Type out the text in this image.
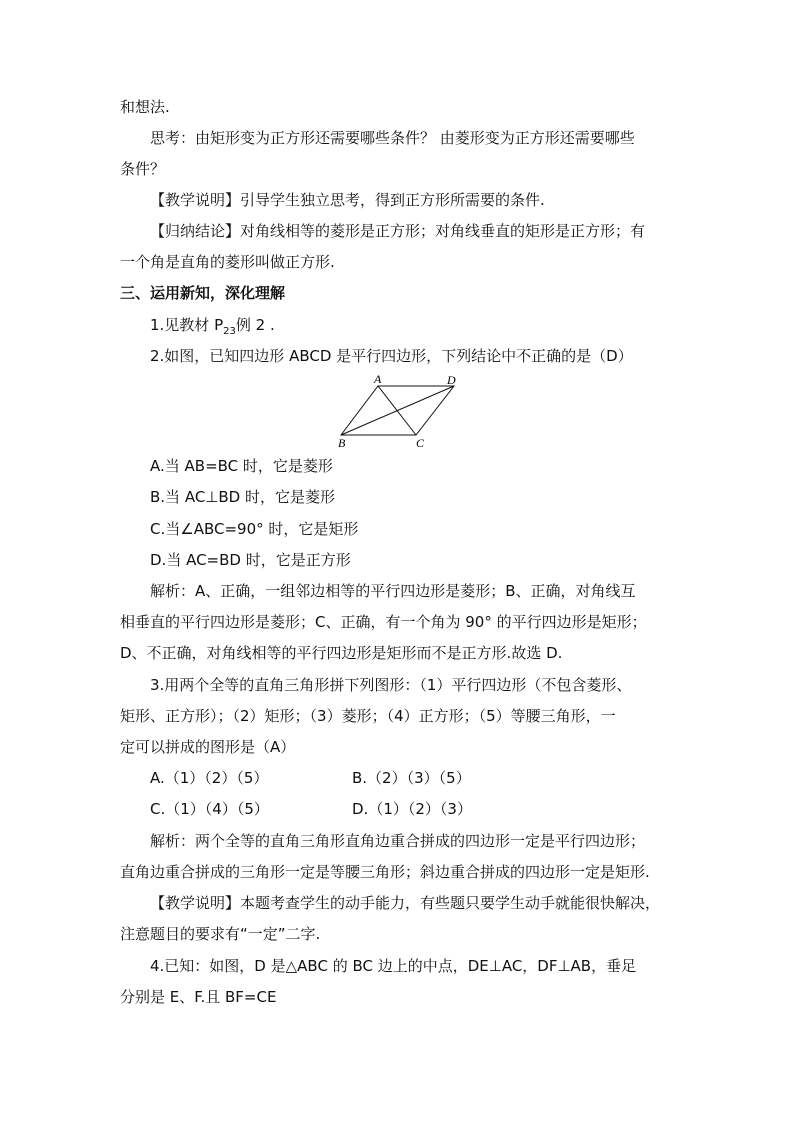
和想法.
思考：由矩形变为正方形还需要哪些条件？ 由菱形变为正方形还需要哪些
条件？
【教学说明】引导学生独立思考，得到正方形所需要的条件.
【归纳结论】对角线相等的菱形是正方形；对角线垂直的矩形是正方形；有
一个角是直角的菱形叫做正方形.
三、运用新知，深化理解
1.见教材 $P_{23}$例 2 .
2.如图，已知四边形 ABCD 是平行四边形，下列结论中不正确的是（D）
A	D
B	C
A.当 AB=BC 时，它是菱形
B.当 AC⊥BD 时，它是菱形
C.当∠ABC=90° 时，它是矩形
D.当 AC=BD 时，它是正方形
解析：A、正确，一组邻边相等的平行四边形是菱形；B、正确，对角线互
相垂直的平行四边形是菱形；C、正确，有一个角为 90° 的平行四边形是矩形；
D、不正确，对角线相等的平行四边形是矩形而不是正方形.故选 D.
3.用两个全等的直角三角形拼下列图形：（1）平行四边形（不包含菱形、
矩形、正方形）；（2）矩形；（3）菱形；（4）正方形；（5）等腰三角形，一
定可以拼成的图形是（A）
A.（1）（2）（5）	B.（2）（3）（5）
C.（1）（4）（5）	D.（1）（2）（3）
解析：两个全等的直角三角形直角边重合拼成的四边形一定是平行四边形；
直角边重合拼成的三角形一定是等腰三角形；斜边重合拼成的四边形一定是矩形.
【教学说明】本题考查学生的动手能力，有些题只要学生动手就能很快解决，
注意题目的要求有“一定”二字.
4.已知：如图，D 是△ABC 的 BC 边上的中点，DE⊥AC，DF⊥AB，垂足
分别是 E、F.且 BF=CE
